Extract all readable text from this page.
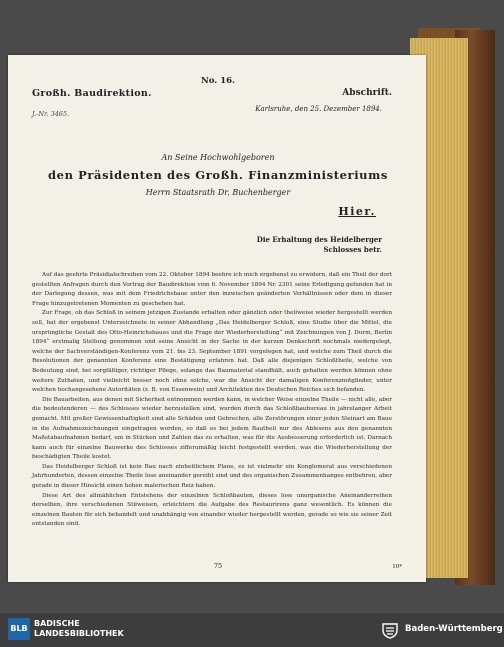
No. 16.
Großh. Baudirektion.	Abschrift.
Karlsruhe, den 25. Dezember 1894.
J.-Nr. 3465.
An Seine Hochwohlgeboren
den Präsidenten des Großh. Finanzministeriums
Herrn Staatsrath Dr. Buchenberger
Hier.
Die Erhaltung des Heidelberger
Schlosses betr.

Auf das geehrte Präsidialschreiben vom 22. Oktober 1894 beehre ich mich ergebenst zu erwidern, daß ein Theil der dort gestellten Anfragen durch den Vortrag der Baudirektion vom 6. November 1894 Nr. 2301 seine Erledigung gefunden hat in der Darlegung dessen, was mit dem Friedrichsbaue unter den inzwischen geänderten Verhältnissen oder dem in dieser Frage hinzugetretenen Momenten zu geschehen hat.

Zur Frage, ob das Schloß in seinem jetzigen Zustande erhalten oder gänzlich oder theilweise wieder hergestellt werden soll, hat der ergebenst Unterzeichnete in seiner Abhandlung „Das Heidelberger Schloß, eine Studie über die Mittel, die ursprüngliche Gestalt des Otto-Heinrichsbaues und die Frage der Wiederherstellung“ mit Zeichnungen von J. Durm, Berlin 1894“ erstmalig Stellung genommen und seine Ansicht in der Sache in der kurzen Denkschrift nochmals niedergelegt, welche der Sachverständigen-Konferenz vom 21. bis 23. September 1891 vorgelegen hat, und welche zum Theil durch die Resolutionen der genannten Konferenz eine Bestätigung erfahren hat. Daß alle diejenigen Schloßtheile, welche von Bedeutung sind, bei sorgfältiger, richtiger Pflege, solange das Baumaterial standhält, auch gehalten werden können ohne weitere Zuthaten, und vielleicht besser noch ohne solche, war die Ansicht der damaligen Konferenzmitglieder, unter welchen hochangesehene Autoritäten (z. B. von Essenwein) und Architekten des Deutschen Reiches sich befanden.

Die Bauarbeiten, aus denen mit Sicherheit entnommen werden kann, in welcher Weise einzelne Theile — nicht alle, aber die bedeutenderen — des Schlosses wieder herzustellen sind, wurden durch das Schloßbaubureau in jahrelanger Arbeit gemacht. Mit großer Gewissenhaftigkeit sind alle Schäden und Gebrechen, alle Zerstörungen einer jeden Steinart am Baue in die Aufnahmezeichnungen eingetragen worden, so daß es bei jedem Bautheil nur des Ablesens aus den genannten Maßstabaufnahmen bedarf, um in Stücken und Zahlen das zu erhalten, was für die Ausbesserung erforderlich ist. Darnach kann auch für einzelne Bauwerke des Schlosses zifferumäßig leicht festgestellt werden, was die Wiederherstellung der beschädigten Theile kostet.

Das Heidelberger Schloß ist kein Bau nach einheitlichem Plane, es ist vielmehr ein Konglomerat aus verschiedenen Jahrhunderten, dessen einzelne Theile lose aneinander gereiht sind und des organischen Zusammenhanges entbehren, aber gerade in dieser Hinsicht einen hohen malerischen Reiz haben.

Diese Art des allmählichen Entstehens der einzelnen Schloßbauten, dieses lose unorganische Aneinanderreihen derselben, ihre verschiedenen Stilweisen, erleichtern die Aufgabe des Restaurirens ganz wesentlich. Es können die einzelnen Bauten für sich behandelt und unabhängig von einander wieder hergestellt werden, gerade so wie sie seiner Zeit entstanden sind.

75	10*
BLB
BADISCHE
LANDESBIBLIOTHEK	Baden-Württemberg
